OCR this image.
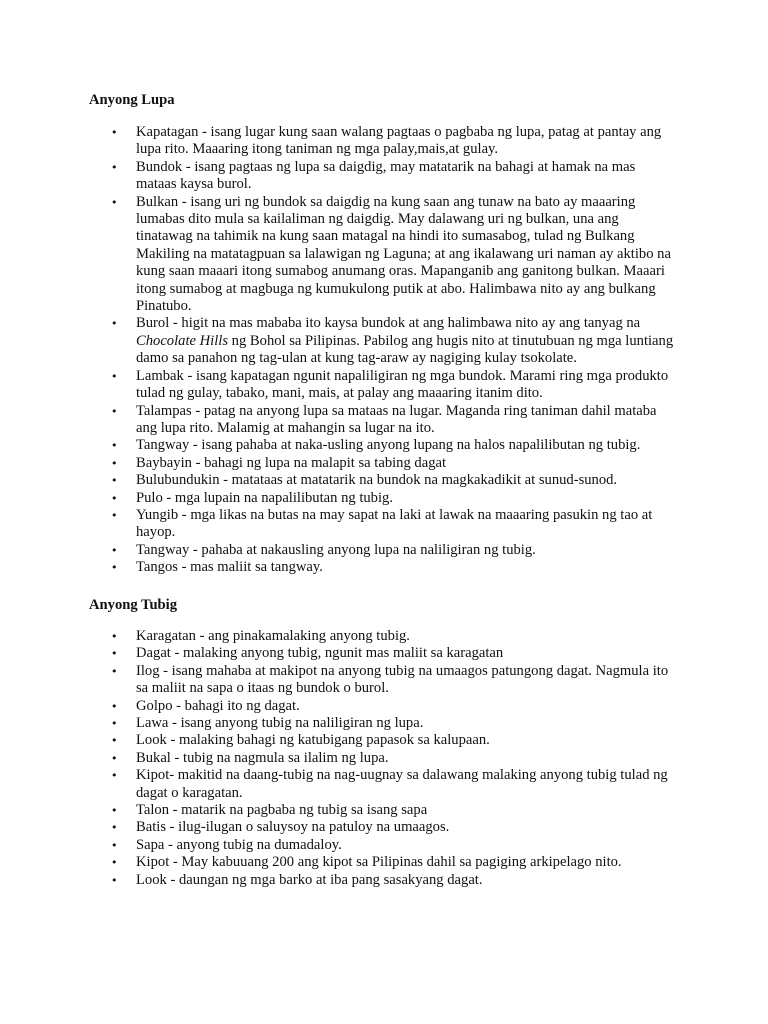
Anyong Lupa
• Kapatagan - isang lugar kung saan walang pagtaas o pagbaba ng lupa, patag at pantay ang lupa rito. Maaaring itong taniman ng mga palay,mais,at gulay.
• Bundok - isang pagtaas ng lupa sa daigdig, may matatarik na bahagi at hamak na mas mataas kaysa burol.
• Bulkan - isang uri ng bundok sa daigdig na kung saan ang tunaw na bato ay maaaring lumabas dito mula sa kailaliman ng daigdig. May dalawang uri ng bulkan, una ang tinatawag na tahimik na kung saan matagal na hindi ito sumasabog, tulad ng Bulkang Makiling na matatagpuan sa lalawigan ng Laguna; at ang ikalawang uri naman ay aktibo na kung saan maaari itong sumabog anumang oras. Mapanganib ang ganitong bulkan. Maaari itong sumabog at magbuga ng kumukulong putik at abo. Halimbawa nito ay ang bulkang Pinatubo.
• Burol - higit na mas mababa ito kaysa bundok at ang halimbawa nito ay ang tanyag na Chocolate Hills ng Bohol sa Pilipinas. Pabilog ang hugis nito at tinutubuan ng mga luntiang damo sa panahon ng tag-ulan at kung tag-araw ay nagiging kulay tsokolate.
• Lambak - isang kapatagan ngunit napaliligiran ng mga bundok. Marami ring mga produkto tulad ng gulay, tabako, mani, mais, at palay ang maaaring itanim dito.
• Talampas - patag na anyong lupa sa mataas na lugar. Maganda ring taniman dahil mataba ang lupa rito. Malamig at mahangin sa lugar na ito.
• Tangway - isang pahaba at naka-usling anyong lupang na halos napalilibutan ng tubig.
• Baybayin - bahagi ng lupa na malapit sa tabing dagat
• Bulubundukin - matataas at matatarik na bundok na magkakadikit at sunud-sunod.
• Pulo - mga lupain na napalilibutan ng tubig.
• Yungib - mga likas na butas na may sapat na laki at lawak na maaaring pasukin ng tao at hayop.
• Tangway - pahaba at nakausling anyong lupa na naliligiran ng tubig.
• Tangos - mas maliit sa tangway.
Anyong Tubig
• Karagatan - ang pinakamalaking anyong tubig.
• Dagat - malaking anyong tubig, ngunit mas maliit sa karagatan
• Ilog - isang mahaba at makipot na anyong tubig na umaagos patungong dagat. Nagmula ito sa maliit na sapa o itaas ng bundok o burol.
• Golpo - bahagi ito ng dagat.
• Lawa - isang anyong tubig na naliligiran ng lupa.
• Look - malaking bahagi ng katubigang papasok sa kalupaan.
• Bukal - tubig na nagmula sa ilalim ng lupa.
• Kipot- makitid na daang-tubig na nag-uugnay sa dalawang malaking anyong tubig tulad ng dagat o karagatan.
• Talon - matarik na pagbaba ng tubig sa isang sapa
• Batis - ilug-ilugan o saluysoy na patuloy na umaagos.
• Sapa - anyong tubig na dumadaloy.
• Kipot - May kabuuang 200 ang kipot sa Pilipinas dahil sa pagiging arkipelago nito.
• Look - daungan ng mga barko at iba pang sasakyang dagat.
